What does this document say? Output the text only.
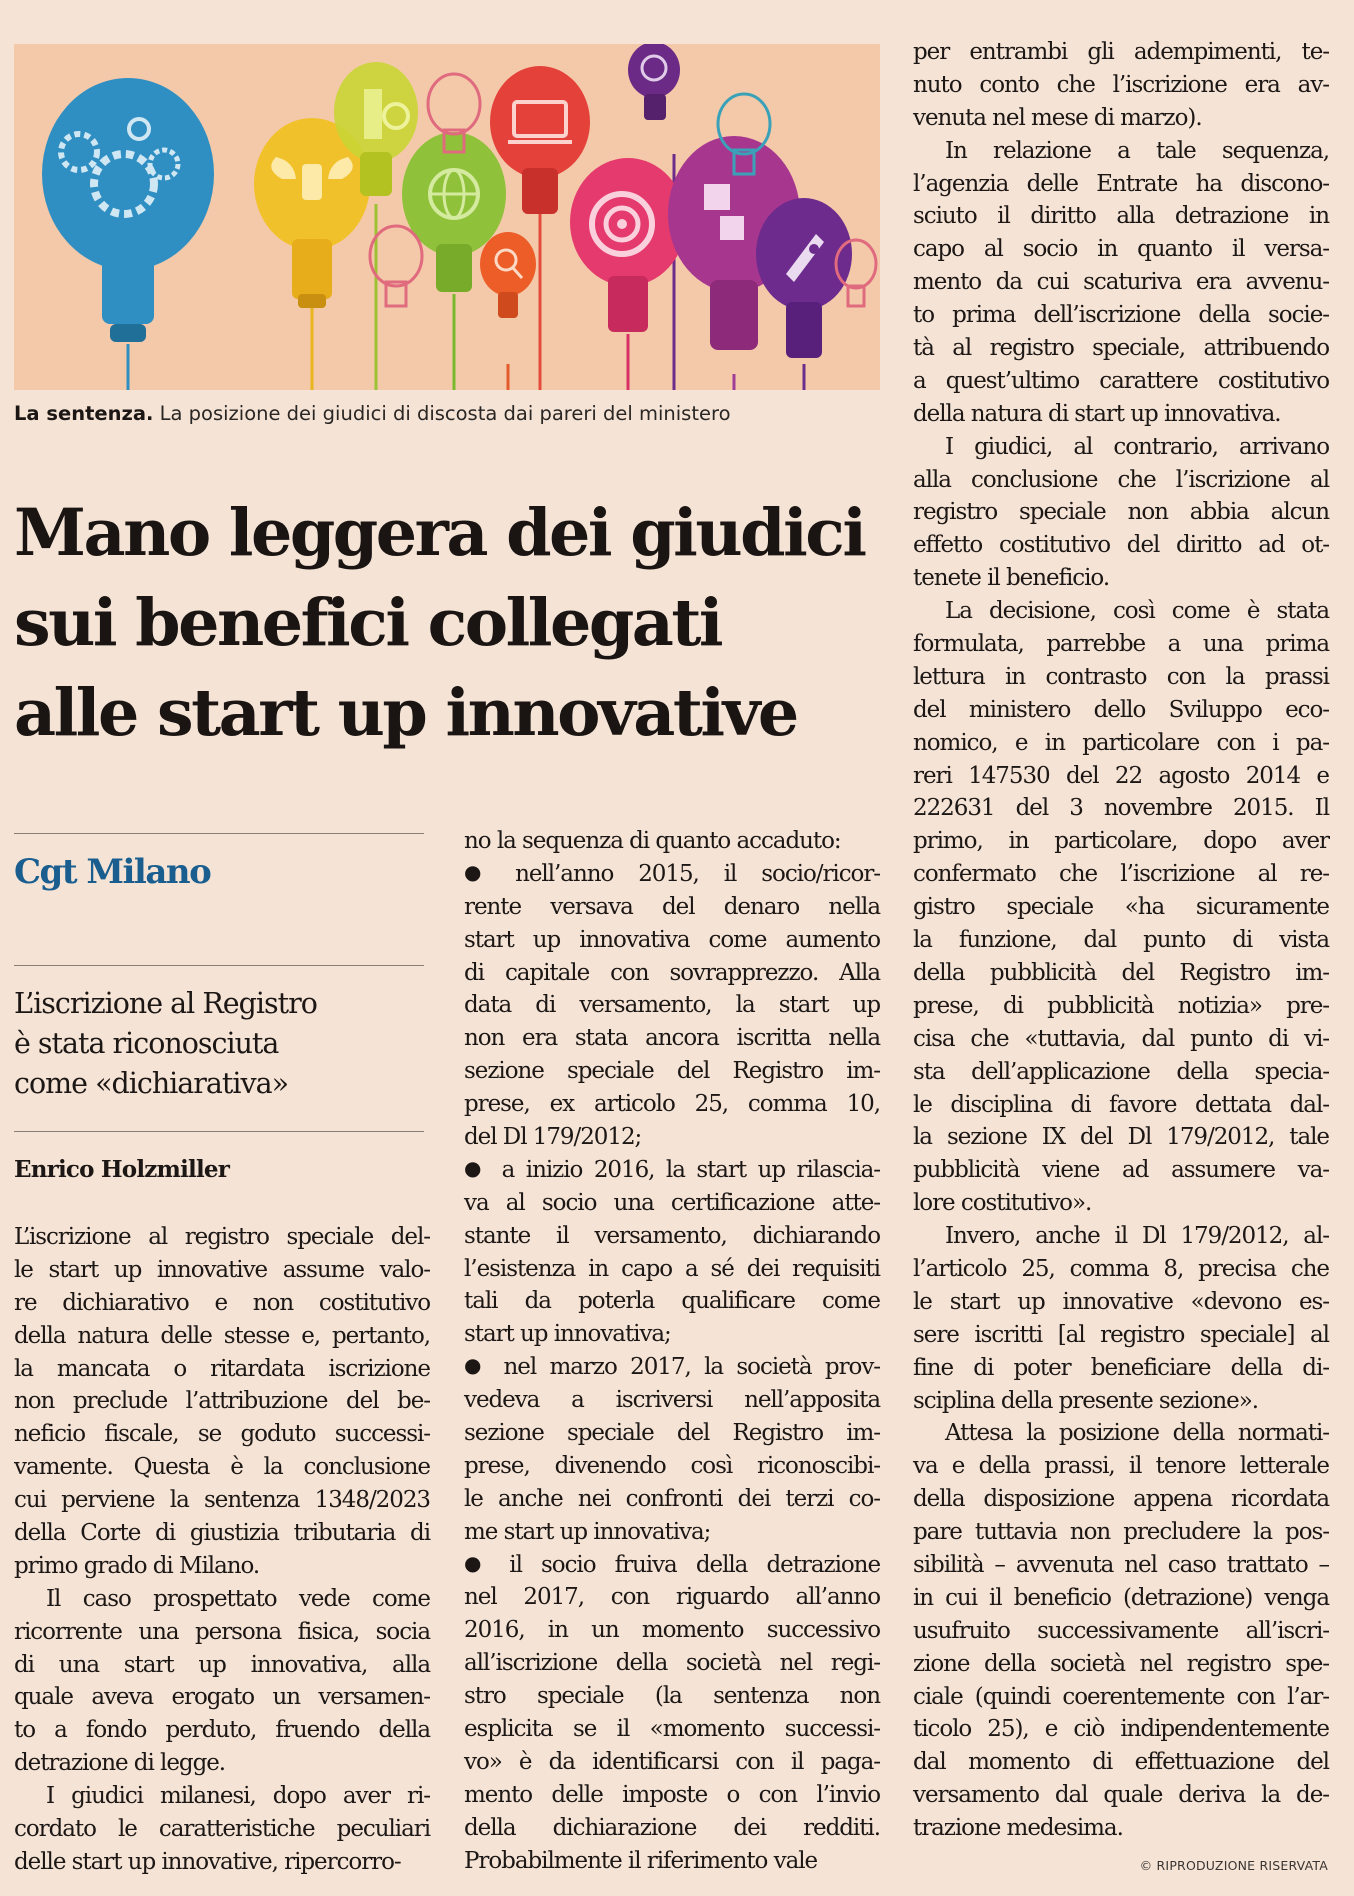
La sentenza. La posizione dei giudici di discosta dai pareri del ministero
Mano leggera dei giudici
sui benefici collegati
alle start up innovative
Cgt Milano
L’iscrizione al Registro
è stata riconosciuta
come «dichiarativa»
Enrico Holzmiller
L’iscrizione al registro speciale del-
le start up innovative assume valo-
re dichiarativo e non costitutivo
della natura delle stesse e, pertanto,
la mancata o ritardata iscrizione
non preclude l’attribuzione del be-
neficio fiscale, se goduto successi-
vamente. Questa è la conclusione
cui perviene la sentenza 1348/2023
della Corte di giustizia tributaria di
primo grado di Milano.
Il caso prospettato vede come
ricorrente una persona fisica, socia
di una start up innovativa, alla
quale aveva erogato un versamen-
to a fondo perduto, fruendo della
detrazione di legge.
I giudici milanesi, dopo aver ri-
cordato le caratteristiche peculiari
delle start up innovative, ripercorro-
no la sequenza di quanto accaduto:
● nell’anno 2015, il socio/ricor-
rente versava del denaro nella
start up innovativa come aumento
di capitale con sovrapprezzo. Alla
data di versamento, la start up
non era stata ancora iscritta nella
sezione speciale del Registro im-
prese, ex articolo 25, comma 10,
del Dl 179/2012;
● a inizio 2016, la start up rilascia-
va al socio una certificazione atte-
stante il versamento, dichiarando
l’esistenza in capo a sé dei requisiti
tali da poterla qualificare come
start up innovativa;
● nel marzo 2017, la società prov-
vedeva a iscriversi nell’apposita
sezione speciale del Registro im-
prese, divenendo così riconoscibi-
le anche nei confronti dei terzi co-
me start up innovativa;
● il socio fruiva della detrazione
nel 2017, con riguardo all’anno
2016, in un momento successivo
all’iscrizione della società nel regi-
stro speciale (la sentenza non
esplicita se il «momento successi-
vo» è da identificarsi con il paga-
mento delle imposte o con l’invio
della dichiarazione dei redditi.
Probabilmente il riferimento vale
per entrambi gli adempimenti, te-
nuto conto che l’iscrizione era av-
venuta nel mese di marzo).
In relazione a tale sequenza,
l’agenzia delle Entrate ha discono-
sciuto il diritto alla detrazione in
capo al socio in quanto il versa-
mento da cui scaturiva era avvenu-
to prima dell’iscrizione della socie-
tà al registro speciale, attribuendo
a quest’ultimo carattere costitutivo
della natura di start up innovativa.
I giudici, al contrario, arrivano
alla conclusione che l’iscrizione al
registro speciale non abbia alcun
effetto costitutivo del diritto ad ot-
tenete il beneficio.
La decisione, così come è stata
formulata, parrebbe a una prima
lettura in contrasto con la prassi
del ministero dello Sviluppo eco-
nomico, e in particolare con i pa-
reri 147530 del 22 agosto 2014 e
222631 del 3 novembre 2015. Il
primo, in particolare, dopo aver
confermato che l’iscrizione al re-
gistro speciale «ha sicuramente
la funzione, dal punto di vista
della pubblicità del Registro im-
prese, di pubblicità notizia» pre-
cisa che «tuttavia, dal punto di vi-
sta dell’applicazione della specia-
le disciplina di favore dettata dal-
la sezione IX del Dl 179/2012, tale
pubblicità viene ad assumere va-
lore costitutivo».
Invero, anche il Dl 179/2012, al-
l’articolo 25, comma 8, precisa che
le start up innovative «devono es-
sere iscritti [al registro speciale] al
fine di poter beneficiare della di-
sciplina della presente sezione».
Attesa la posizione della normati-
va e della prassi, il tenore letterale
della disposizione appena ricordata
pare tuttavia non precludere la pos-
sibilità – avvenuta nel caso trattato –
in cui il beneficio (detrazione) venga
usufruito successivamente all’iscri-
zione della società nel registro spe-
ciale (quindi coerentemente con l’ar-
ticolo 25), e ciò indipendentemente
dal momento di effettuazione del
versamento dal quale deriva la de-
trazione medesima.
© RIPRODUZIONE RISERVATA
